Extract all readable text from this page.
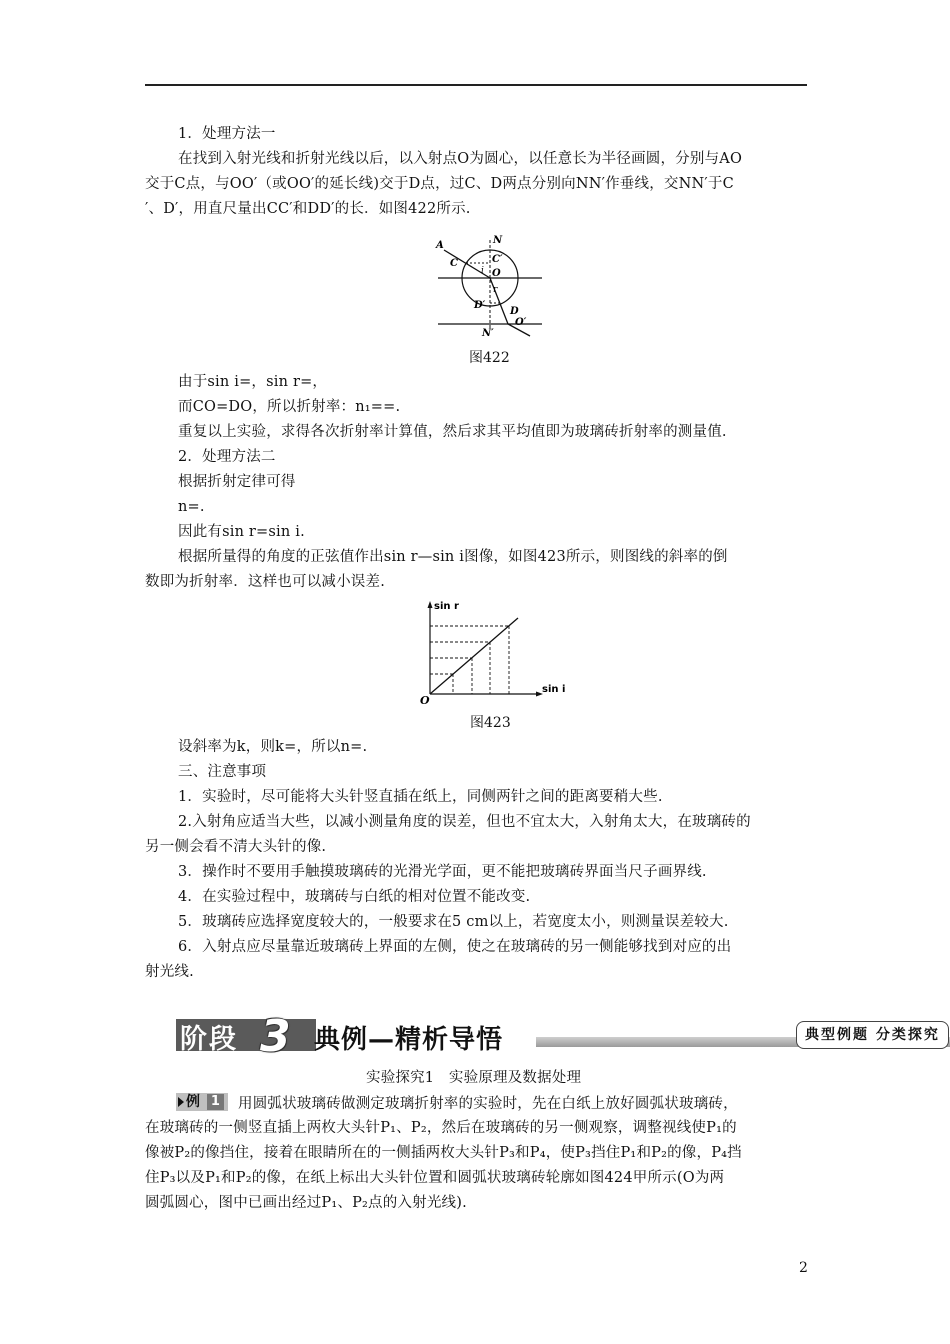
1．处理方法一
在找到入射光线和折射光线以后，以入射点O为圆心，以任意长为半径画圆，分别与AO
交于C点，与OO′（或OO′的延长线)交于D点，过C、D两点分别向NN′作垂线，交NN′于C
′、D′，用直尺量出CC′和DD′的长．如图422所示.
A	N
C	C′
i O
r
D′
D
O′
N′
图422
由于sin i=，sin r=，
而CO=DO，所以折射率：n₁==.
重复以上实验，求得各次折射率计算值，然后求其平均值即为玻璃砖折射率的测量值.
2．处理方法二
根据折射定律可得
n=.
因此有sin r=sin i.
根据所量得的角度的正弦值作出sin r—sin i图像，如图423所示，则图线的斜率的倒
数即为折射率．这样也可以减小误差.
sin r
sin i
O
图423
设斜率为k，则k=，所以n=.
三、注意事项
1．实验时，尽可能将大头针竖直插在纸上，同侧两针之间的距离要稍大些.
2.入射角应适当大些，以减小测量角度的误差，但也不宜太大，入射角太大，在玻璃砖的
另一侧会看不清大头针的像.
3．操作时不要用手触摸玻璃砖的光滑光学面，更不能把玻璃砖界面当尺子画界线.
4．在实验过程中，玻璃砖与白纸的相对位置不能改变.
5．玻璃砖应选择宽度较大的，一般要求在5 cm以上，若宽度太小，则测量误差较大.
6．入射点应尽量靠近玻璃砖上界面的左侧，使之在玻璃砖的另一侧能够找到对应的出
射光线.
阶段 3 典例—精析导悟	典型例题 分类探究
实验探究1　实验原理及数据处理
例 1 用圆弧状玻璃砖做测定玻璃折射率的实验时，先在白纸上放好圆弧状玻璃砖，
在玻璃砖的一侧竖直插上两枚大头针P₁、P₂，然后在玻璃砖的另一侧观察，调整视线使P₁的
像被P₂的像挡住，接着在眼睛所在的一侧插两枚大头针P₃和P₄，使P₃挡住P₁和P₂的像，P₄挡
住P₃以及P₁和P₂的像，在纸上标出大头针位置和圆弧状玻璃砖轮廓如图424甲所示(O为两
圆弧圆心，图中已画出经过P₁、P₂点的入射光线).
2
